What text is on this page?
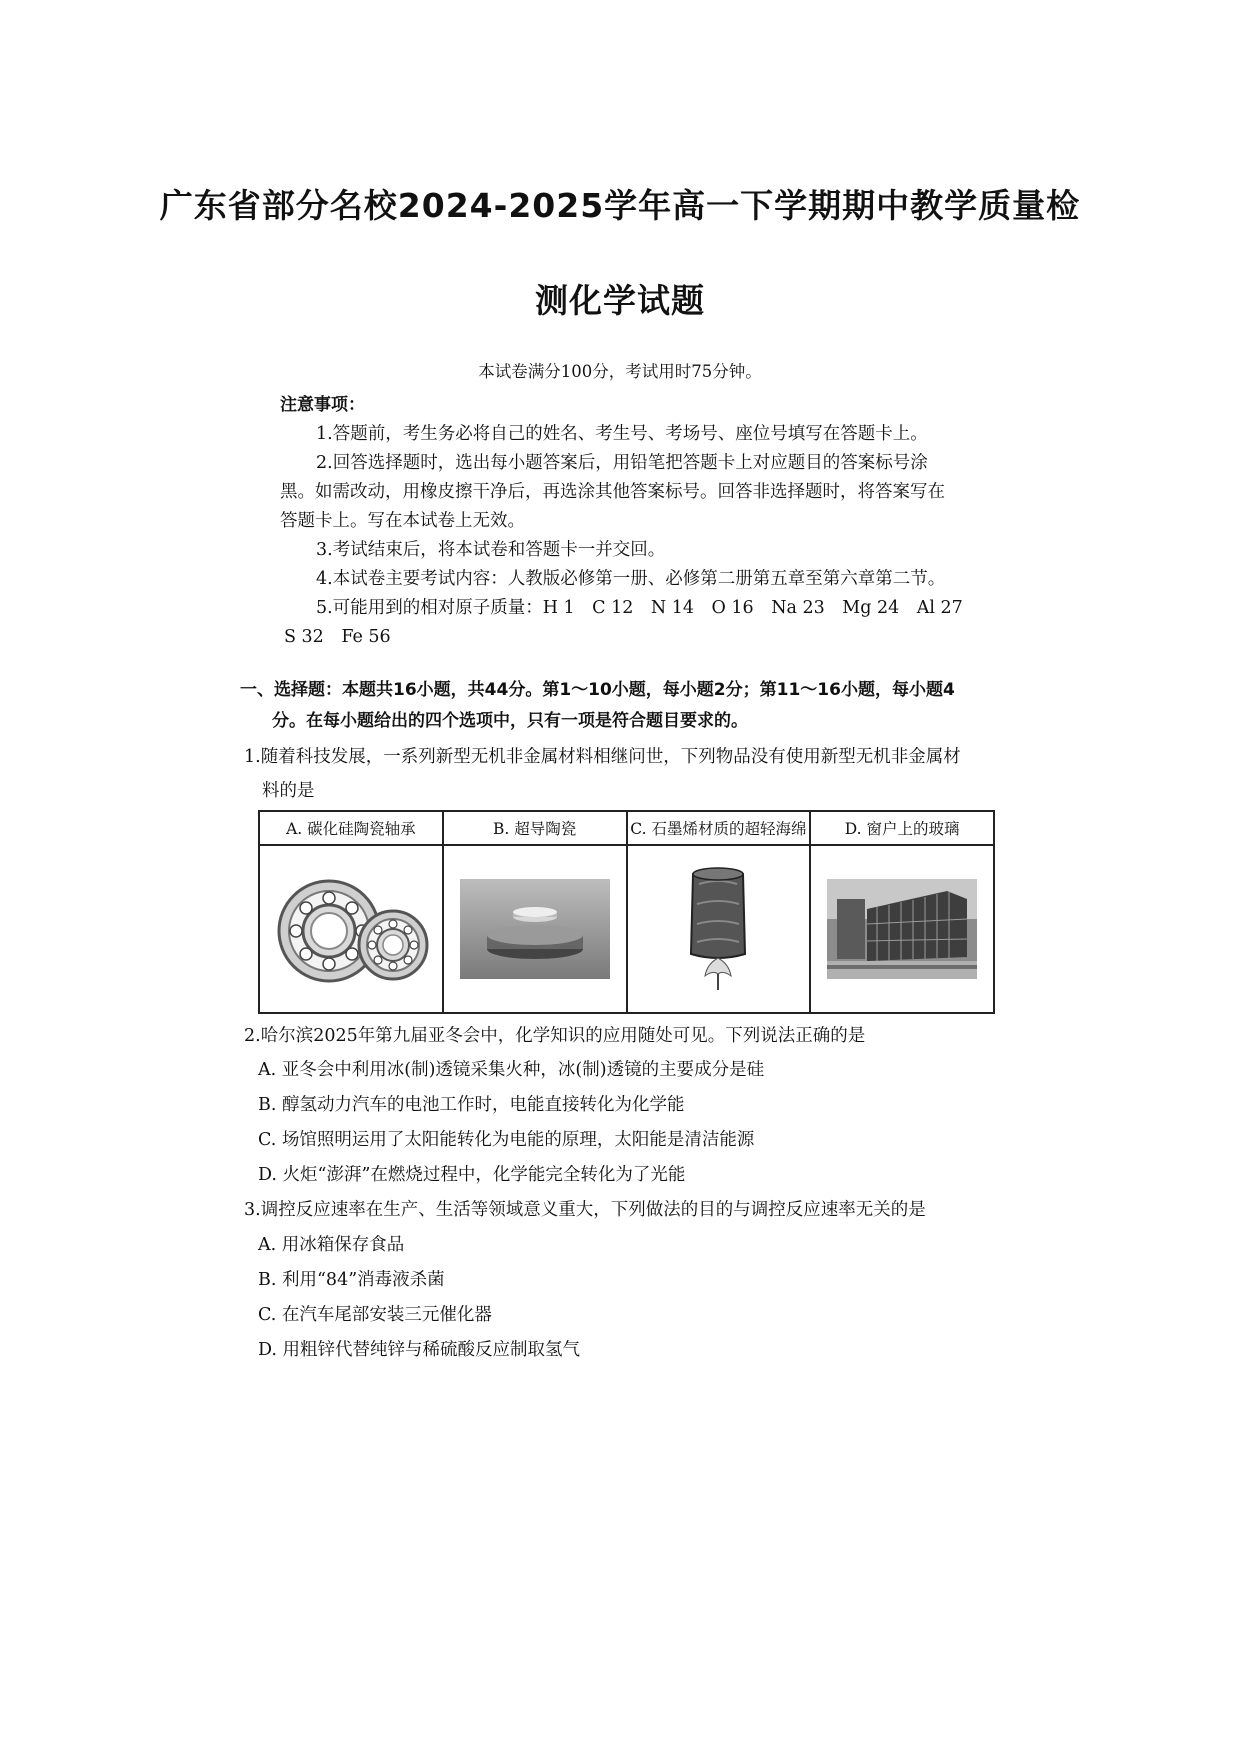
广东省部分名校2024-2025学年高一下学期期中教学质量检
测化学试题
本试卷满分100分，考试用时75分钟。
注意事项：
1.答题前，考生务必将自己的姓名、考生号、考场号、座位号填写在答题卡上。
2.回答选择题时，选出每小题答案后，用铅笔把答题卡上对应题目的答案标号涂
黑。如需改动，用橡皮擦干净后，再选涂其他答案标号。回答非选择题时，将答案写在
答题卡上。写在本试卷上无效。
3.考试结束后，将本试卷和答题卡一并交回。
4.本试卷主要考试内容：人教版必修第一册、必修第二册第五章至第六章第二节。
5.可能用到的相对原子质量：H 1　C 12　N 14　O 16　Na 23　Mg 24　Al 27
S 32　Fe 56
一、选择题：本题共16小题，共44分。第1～10小题，每小题2分；第11～16小题，每小题4
分。在每小题给出的四个选项中，只有一项是符合题目要求的。
1.随着科技发展，一系列新型无机非金属材料相继问世，下列物品没有使用新型无机非金属材
料的是
A. 碳化硅陶瓷轴承	B. 超导陶瓷	C. 石墨烯材质的超轻海绵	D. 窗户上的玻璃

2.哈尔滨2025年第九届亚冬会中，化学知识的应用随处可见。下列说法正确的是
A. 亚冬会中利用冰(制)透镜采集火种，冰(制)透镜的主要成分是硅
B. 醇氢动力汽车的电池工作时，电能直接转化为化学能
C. 场馆照明运用了太阳能转化为电能的原理，太阳能是清洁能源
D. 火炬“澎湃”在燃烧过程中，化学能完全转化为了光能
3.调控反应速率在生产、生活等领域意义重大，下列做法的目的与调控反应速率无关的是
A. 用冰箱保存食品
B. 利用“84”消毒液杀菌
C. 在汽车尾部安装三元催化器
D. 用粗锌代替纯锌与稀硫酸反应制取氢气
